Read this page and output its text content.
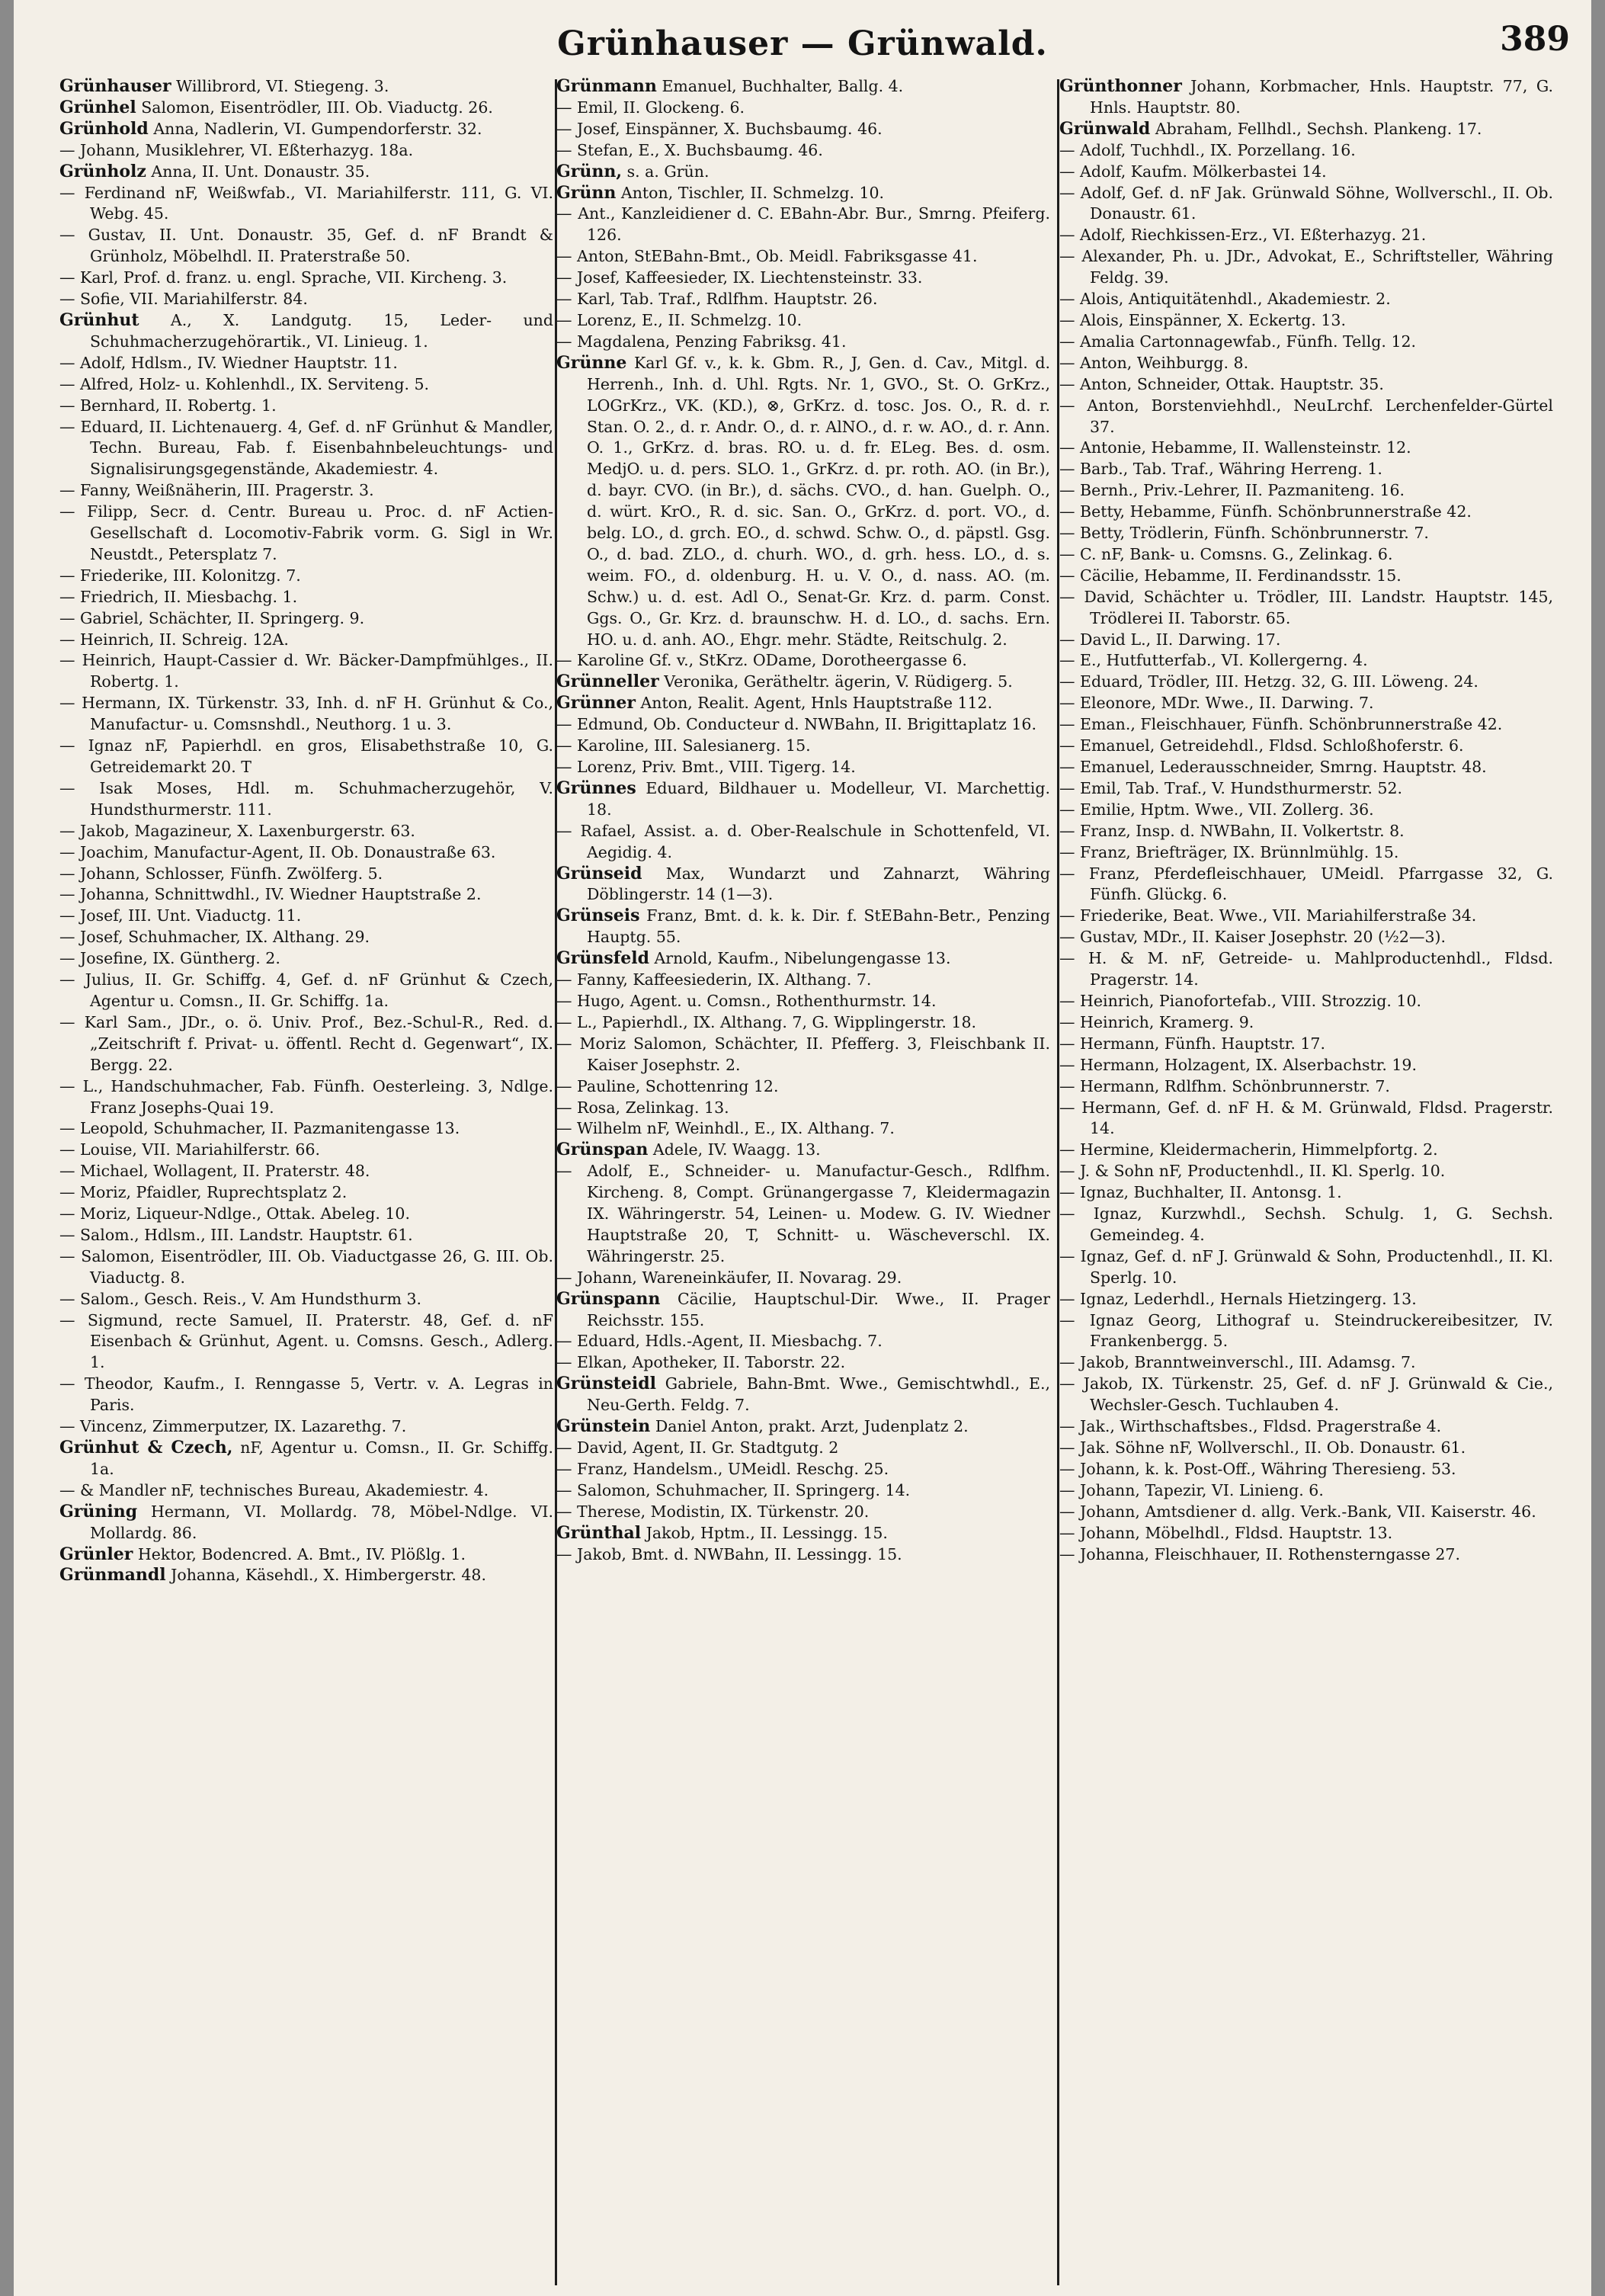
Grünhauser — Grünwald.	389
Grünhauser Willibrord, VI. Stiegeng. 3.
Grünhel Salomon, Eisentrödler, III. Ob. Viaductg. 26.
Grünhold Anna, Nadlerin, VI. Gumpendorferstr. 32.
— Johann, Musiklehrer, VI. Eßterhazyg. 18a.
Grünholz Anna, II. Unt. Donaustr. 35.
— Ferdinand nF, Weißwfab., VI. Mariahilferstr. 111, G. VI. Webg. 45.
— Gustav, II. Unt. Donaustr. 35, Gef. d. nF Brandt & Grünholz, Möbelhdl. II. Praterstraße 50.
— Karl, Prof. d. franz. u. engl. Sprache, VII. Kircheng. 3.
— Sofie, VII. Mariahilferstr. 84.
Grünhut A., X. Landgutg. 15, Leder- und Schuhmacherzugehörartik., VI. Linieug. 1.
— Adolf, Hdlsm., IV. Wiedner Hauptstr. 11.
— Alfred, Holz- u. Kohlenhdl., IX. Serviteng. 5.
— Bernhard, II. Robertg. 1.
— Eduard, II. Lichtenauerg. 4, Gef. d. nF Grünhut & Mandler, Techn. Bureau, Fab. f. Eisenbahnbeleuchtungs- und Signalisirungsgegenstände, Akademiestr. 4.
— Fanny, Weißnäherin, III. Pragerstr. 3.
— Filipp, Secr. d. Centr. Bureau u. Proc. d. nF Actien-Gesellschaft d. Locomotiv-Fabrik vorm. G. Sigl in Wr. Neustdt., Petersplatz 7.
— Friederike, III. Kolonitzg. 7.
— Friedrich, II. Miesbachg. 1.
— Gabriel, Schächter, II. Springerg. 9.
— Heinrich, II. Schreig. 12A.
— Heinrich, Haupt-Cassier d. Wr. Bäcker-Dampfmühlges., II. Robertg. 1.
— Hermann, IX. Türkenstr. 33, Inh. d. nF H. Grünhut & Co., Manufactur- u. Comsnshdl., Neuthorg. 1 u. 3.
— Ignaz nF, Papierhdl. en gros, Elisabethstraße 10, G. Getreidemarkt 20. T
— Isak Moses, Hdl. m. Schuhmacherzugehör, V. Hundsthurmerstr. 111.
— Jakob, Magazineur, X. Laxenburgerstr. 63.
— Joachim, Manufactur-Agent, II. Ob. Donaustraße 63.
— Johann, Schlosser, Fünfh. Zwölferg. 5.
— Johanna, Schnittwdhl., IV. Wiedner Hauptstraße 2.
— Josef, III. Unt. Viaductg. 11.
— Josef, Schuhmacher, IX. Althang. 29.
— Josefine, IX. Güntherg. 2.
— Julius, II. Gr. Schiffg. 4, Gef. d. nF Grünhut & Czech, Agentur u. Comsn., II. Gr. Schiffg. 1a.
— Karl Sam., JDr., o. ö. Univ. Prof., Bez.-Schul-R., Red. d. „Zeitschrift f. Privat- u. öffentl. Recht d. Gegenwart“, IX. Bergg. 22.
— L., Handschuhmacher, Fab. Fünfh. Oesterleing. 3, Ndlge. Franz Josephs-Quai 19.
— Leopold, Schuhmacher, II. Pazmanitengasse 13.
— Louise, VII. Mariahilferstr. 66.
— Michael, Wollagent, II. Praterstr. 48.
— Moriz, Pfaidler, Ruprechtsplatz 2.
— Moriz, Liqueur-Ndlge., Ottak. Abeleg. 10.
— Salom., Hdlsm., III. Landstr. Hauptstr. 61.
— Salomon, Eisentrödler, III. Ob. Viaductgasse 26, G. III. Ob. Viaductg. 8.
— Salom., Gesch. Reis., V. Am Hundsthurm 3.
— Sigmund, recte Samuel, II. Praterstr. 48, Gef. d. nF Eisenbach & Grünhut, Agent. u. Comsns. Gesch., Adlerg. 1.
— Theodor, Kaufm., I. Renngasse 5, Vertr. v. A. Legras in Paris.
— Vincenz, Zimmerputzer, IX. Lazarethg. 7.
Grünhut & Czech, nF, Agentur u. Comsn., II. Gr. Schiffg. 1a.
— & Mandler nF, technisches Bureau, Akademiestr. 4.
Grüning Hermann, VI. Mollardg. 78, Möbel-Ndlge. VI. Mollardg. 86.
Grünler Hektor, Bodencred. A. Bmt., IV. Plößlg. 1.
Grünmandl Johanna, Käsehdl., X. Himbergerstr. 48.
Grünmann Emanuel, Buchhalter, Ballg. 4.
— Emil, II. Glockeng. 6.
— Josef, Einspänner, X. Buchsbaumg. 46.
— Stefan, E., X. Buchsbaumg. 46.
Grünn, s. a. Grün.
Grünn Anton, Tischler, II. Schmelzg. 10.
— Ant., Kanzleidiener d. C. EBahn-Abr. Bur., Smrng. Pfeiferg. 126.
— Anton, StEBahn-Bmt., Ob. Meidl. Fabriksgasse 41.
— Josef, Kaffeesieder, IX. Liechtensteinstr. 33.
— Karl, Tab. Traf., Rdlfhm. Hauptstr. 26.
— Lorenz, E., II. Schmelzg. 10.
— Magdalena, Penzing Fabriksg. 41.
Grünne Karl Gf. v., k. k. Gbm. R., J, Gen. d. Cav., Mitgl. d. Herrenh., Inh. d. Uhl. Rgts. Nr. 1, GVO., St. O. GrKrz., LOGrKrz., VK. (KD.), ⊗, GrKrz. d. tosc. Jos. O., R. d. r. Stan. O. 2., d. r. Andr. O., d. r. AlNO., d. r. w. AO., d. r. Ann. O. 1., GrKrz. d. bras. RO. u. d. fr. ELeg. Bes. d. osm. MedjO. u. d. pers. SLO. 1., GrKrz. d. pr. roth. AO. (in Br.), d. bayr. CVO. (in Br.), d. sächs. CVO., d. han. Guelph. O., d. würt. KrO., R. d. sic. San. O., GrKrz. d. port. VO., d. belg. LO., d. grch. EO., d. schwd. Schw. O., d. päpstl. Gsg. O., d. bad. ZLO., d. churh. WO., d. grh. hess. LO., d. s. weim. FO., d. oldenburg. H. u. V. O., d. nass. AO. (m. Schw.) u. d. est. Adl O., Senat-Gr. Krz. d. parm. Const. Ggs. O., Gr. Krz. d. braunschw. H. d. LO., d. sachs. Ern. HO. u. d. anh. AO., Ehgr. mehr. Städte, Reitschulg. 2.
— Karoline Gf. v., StKrz. ODame, Dorotheergasse 6.
Grünneller Veronika, Gerätheltr. ägerin, V. Rüdigerg. 5.
Grünner Anton, Realit. Agent, Hnls Hauptstraße 112.
— Edmund, Ob. Conducteur d. NWBahn, II. Brigittaplatz 16.
— Karoline, III. Salesianerg. 15.
— Lorenz, Priv. Bmt., VIII. Tigerg. 14.
Grünnes Eduard, Bildhauer u. Modelleur, VI. Marchettig. 18.
— Rafael, Assist. a. d. Ober-Realschule in Schottenfeld, VI. Aegidig. 4.
Grünseid Max, Wundarzt und Zahnarzt, Währing Döblingerstr. 14 (1—3).
Grünseis Franz, Bmt. d. k. k. Dir. f. StEBahn-Betr., Penzing Hauptg. 55.
Grünsfeld Arnold, Kaufm., Nibelungengasse 13.
— Fanny, Kaffeesiederin, IX. Althang. 7.
— Hugo, Agent. u. Comsn., Rothenthurmstr. 14.
— L., Papierhdl., IX. Althang. 7, G. Wipplingerstr. 18.
— Moriz Salomon, Schächter, II. Pfefferg. 3, Fleischbank II. Kaiser Josephstr. 2.
— Pauline, Schottenring 12.
— Rosa, Zelinkag. 13.
— Wilhelm nF, Weinhdl., E., IX. Althang. 7.
Grünspan Adele, IV. Waagg. 13.
— Adolf, E., Schneider- u. Manufactur-Gesch., Rdlfhm. Kircheng. 8, Compt. Grünangergasse 7, Kleidermagazin IX. Währingerstr. 54, Leinen- u. Modew. G. IV. Wiedner Hauptstraße 20, T, Schnitt- u. Wäscheverschl. IX. Währingerstr. 25.
— Johann, Wareneinkäufer, II. Novarag. 29.
Grünspann Cäcilie, Hauptschul-Dir. Wwe., II. Prager Reichsstr. 155.
— Eduard, Hdls.-Agent, II. Miesbachg. 7.
— Elkan, Apotheker, II. Taborstr. 22.
Grünsteidl Gabriele, Bahn-Bmt. Wwe., Gemischtwhdl., E., Neu-Gerth. Feldg. 7.
Grünstein Daniel Anton, prakt. Arzt, Judenplatz 2.
— David, Agent, II. Gr. Stadtgutg. 2
— Franz, Handelsm., UMeidl. Reschg. 25.
— Salomon, Schuhmacher, II. Springerg. 14.
— Therese, Modistin, IX. Türkenstr. 20.
Grünthal Jakob, Hptm., II. Lessingg. 15.
— Jakob, Bmt. d. NWBahn, II. Lessingg. 15.
Grünthonner Johann, Korbmacher, Hnls. Hauptstr. 77, G. Hnls. Hauptstr. 80.
Grünwald Abraham, Fellhdl., Sechsh. Plankeng. 17.
— Adolf, Tuchhdl., IX. Porzellang. 16.
— Adolf, Kaufm. Mölkerbastei 14.
— Adolf, Gef. d. nF Jak. Grünwald Söhne, Wollverschl., II. Ob. Donaustr. 61.
— Adolf, Riechkissen-Erz., VI. Eßterhazyg. 21.
— Alexander, Ph. u. JDr., Advokat, E., Schriftsteller, Währing Feldg. 39.
— Alois, Antiquitätenhdl., Akademiestr. 2.
— Alois, Einspänner, X. Eckertg. 13.
— Amalia Cartonnagewfab., Fünfh. Tellg. 12.
— Anton, Weihburgg. 8.
— Anton, Schneider, Ottak. Hauptstr. 35.
— Anton, Borstenviehhdl., NeuLrchf. Lerchenfelder-Gürtel 37.
— Antonie, Hebamme, II. Wallensteinstr. 12.
— Barb., Tab. Traf., Währing Herreng. 1.
— Bernh., Priv.-Lehrer, II. Pazmaniteng. 16.
— Betty, Hebamme, Fünfh. Schönbrunnerstraße 42.
— Betty, Trödlerin, Fünfh. Schönbrunnerstr. 7.
— C. nF, Bank- u. Comsns. G., Zelinkag. 6.
— Cäcilie, Hebamme, II. Ferdinandsstr. 15.
— David, Schächter u. Trödler, III. Landstr. Hauptstr. 145, Trödlerei II. Taborstr. 65.
— David L., II. Darwing. 17.
— E., Hutfutterfab., VI. Kollergerng. 4.
— Eduard, Trödler, III. Hetzg. 32, G. III. Löweng. 24.
— Eleonore, MDr. Wwe., II. Darwing. 7.
— Eman., Fleischhauer, Fünfh. Schönbrunnerstraße 42.
— Emanuel, Getreidehdl., Fldsd. Schloßhoferstr. 6.
— Emanuel, Lederausschneider, Smrng. Hauptstr. 48.
— Emil, Tab. Traf., V. Hundsthurmerstr. 52.
— Emilie, Hptm. Wwe., VII. Zollerg. 36.
— Franz, Insp. d. NWBahn, II. Volkertstr. 8.
— Franz, Briefträger, IX. Brünnlmühlg. 15.
— Franz, Pferdefleischhauer, UMeidl. Pfarrgasse 32, G. Fünfh. Glückg. 6.
— Friederike, Beat. Wwe., VII. Mariahilferstraße 34.
— Gustav, MDr., II. Kaiser Josephstr. 20 (½2—3).
— H. & M. nF, Getreide- u. Mahlproductenhdl., Fldsd. Pragerstr. 14.
— Heinrich, Pianofortefab., VIII. Strozzig. 10.
— Heinrich, Kramerg. 9.
— Hermann, Fünfh. Hauptstr. 17.
— Hermann, Holzagent, IX. Alserbachstr. 19.
— Hermann, Rdlfhm. Schönbrunnerstr. 7.
— Hermann, Gef. d. nF H. & M. Grünwald, Fldsd. Pragerstr. 14.
— Hermine, Kleidermacherin, Himmelpfortg. 2.
— J. & Sohn nF, Productenhdl., II. Kl. Sperlg. 10.
— Ignaz, Buchhalter, II. Antonsg. 1.
— Ignaz, Kurzwhdl., Sechsh. Schulg. 1, G. Sechsh. Gemeindeg. 4.
— Ignaz, Gef. d. nF J. Grünwald & Sohn, Productenhdl., II. Kl. Sperlg. 10.
— Ignaz, Lederhdl., Hernals Hietzingerg. 13.
— Ignaz Georg, Lithograf u. Steindruckereibesitzer, IV. Frankenbergg. 5.
— Jakob, Branntweinverschl., III. Adamsg. 7.
— Jakob, IX. Türkenstr. 25, Gef. d. nF J. Grünwald & Cie., Wechsler-Gesch. Tuchlauben 4.
— Jak., Wirthschaftsbes., Fldsd. Pragerstraße 4.
— Jak. Söhne nF, Wollverschl., II. Ob. Donaustr. 61.
— Johann, k. k. Post-Off., Währing Theresieng. 53.
— Johann, Tapezir, VI. Linieng. 6.
— Johann, Amtsdiener d. allg. Verk.-Bank, VII. Kaiserstr. 46.
— Johann, Möbelhdl., Fldsd. Hauptstr. 13.
— Johanna, Fleischhauer, II. Rothensterngasse 27.
